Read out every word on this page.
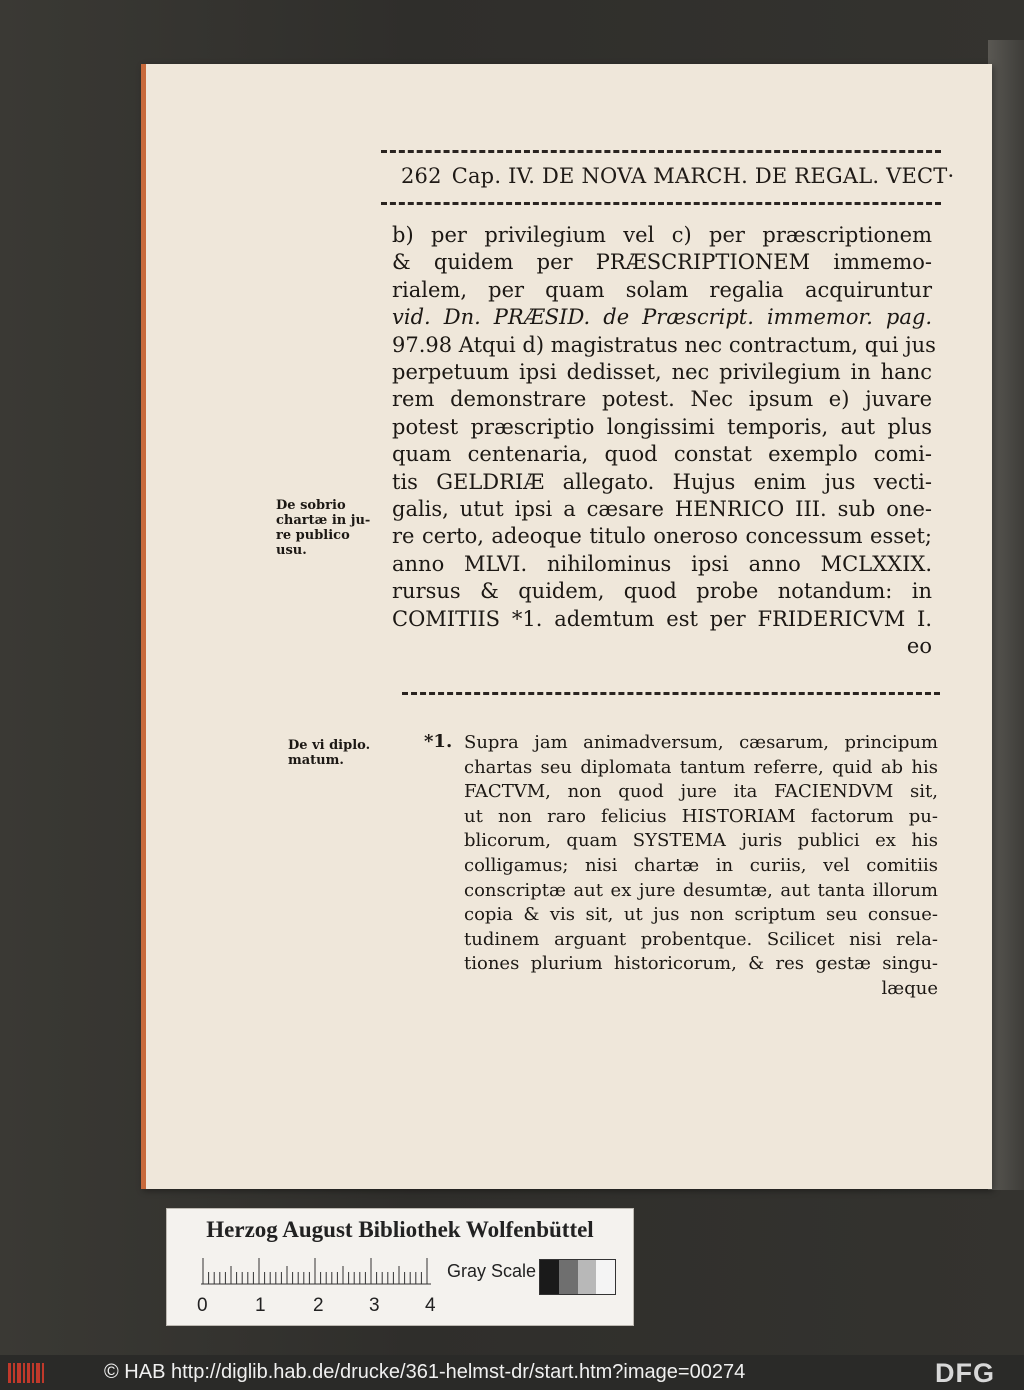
262 Cap. IV. DE NOVA MARCH. DE REGAL. VECT·
De sobrio
chartæ in ju-
re publico
usu.
De vi diplo.
matum.
b) per privilegium vel c) per præscriptionem
& quidem per PRÆSCRIPTIONEM immemo-
rialem, per quam solam regalia acquiruntur
vid. Dn. PRÆSID. de Præscript. immemor. pag.
97.98 Atqui d) magistratus nec contractum, qui jus
perpetuum ipsi dedisset, nec privilegium in hanc
rem demonstrare potest. Nec ipsum e) juvare
potest præscriptio longissimi temporis, aut plus
quam centenaria, quod constat exemplo comi-
tis GELDRIÆ allegato. Hujus enim jus vecti-
galis, utut ipsi a cæsare HENRICO III. sub one-
re certo, adeoque titulo oneroso concessum esset;
anno MLVI. nihilominus ipsi anno MCLXXIX.
rursus & quidem, quod probe notandum: in
COMITIIS *1. ademtum est per FRIDERICVM I.
eo
*1. Supra jam animadversum, cæsarum, principum
chartas seu diplomata tantum referre, quid ab his
FACTVM, non quod jure ita FACIENDVM sit,
ut non raro felicius HISTORIAM factorum pu-
blicorum, quam SYSTEMA juris publici ex his
colligamus; nisi chartæ in curiis, vel comitiis
conscriptæ aut ex jure desumtæ, aut tanta illorum
copia & vis sit, ut jus non scriptum seu consue-
tudinem arguant probentque. Scilicet nisi rela-
tiones plurium historicorum, & res gestæ singu-
læque
Herzog August Bibliothek Wolfenbüttel
Gray Scale
0 1 2 3 4
© HAB http://diglib.hab.de/drucke/361-helmst-dr/start.htm?image=00274	DFG
